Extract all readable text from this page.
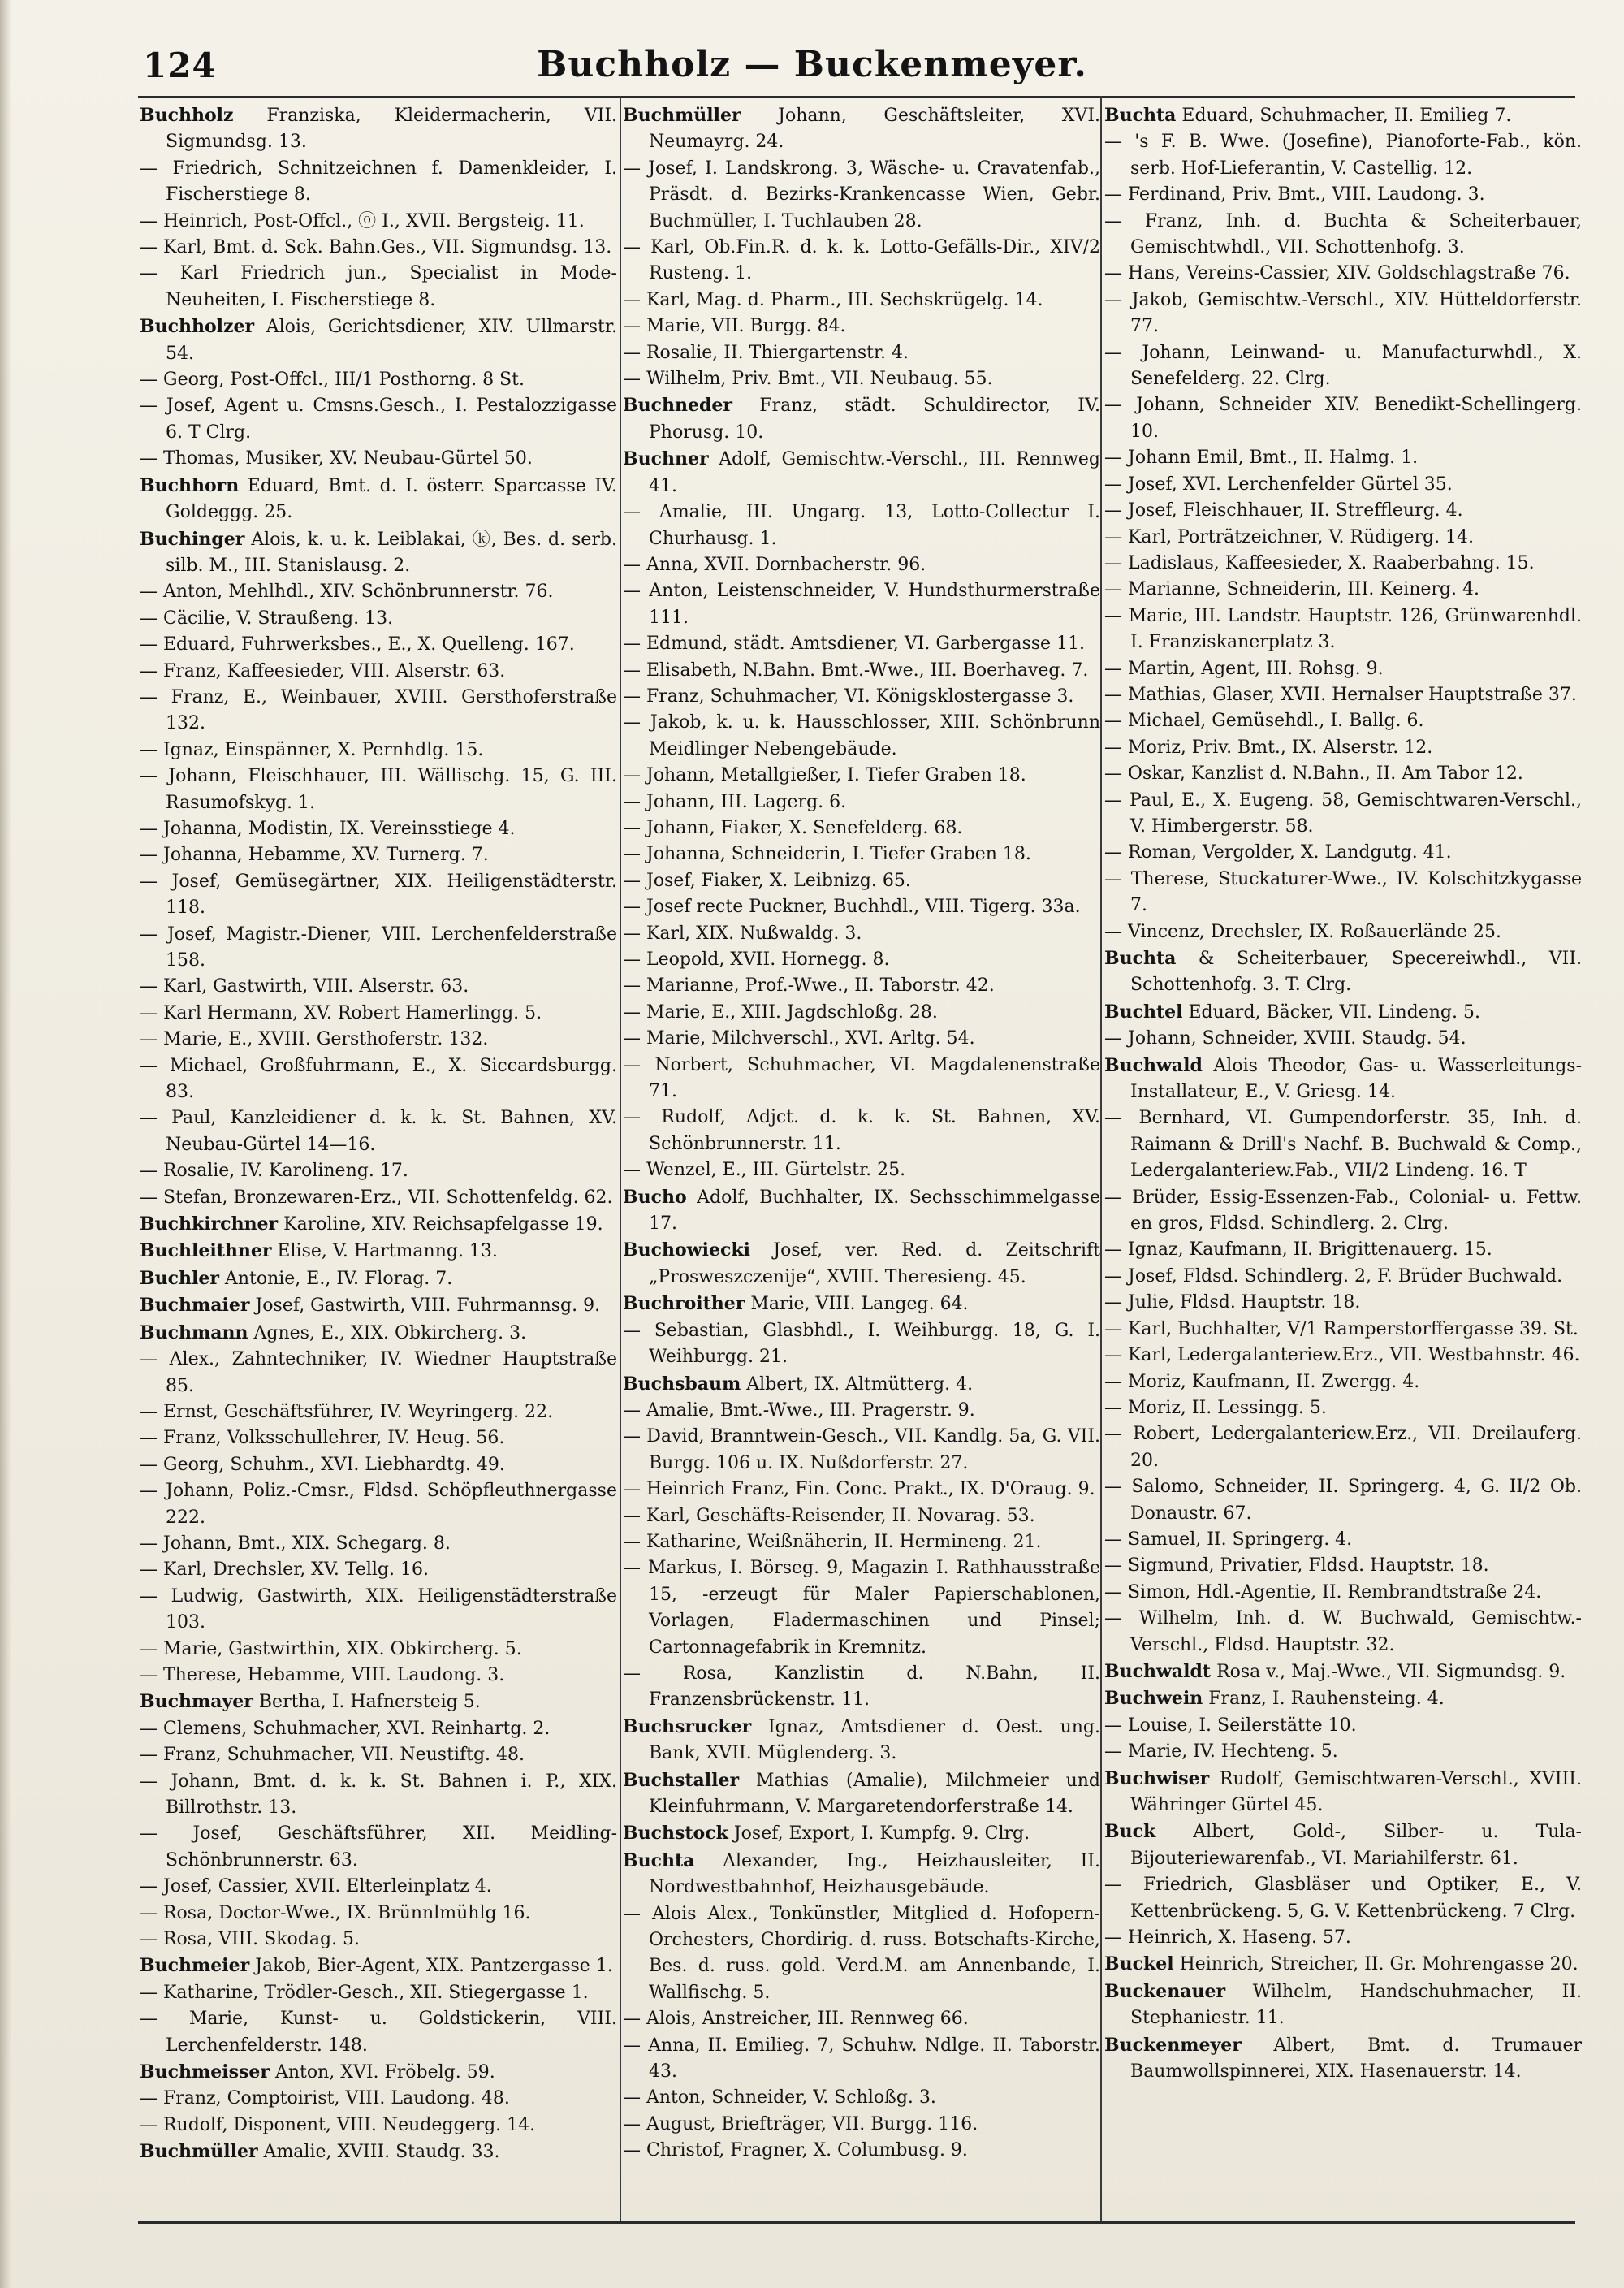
124	Buchholz — Buckenmeyer.

Buchholz Franziska, Kleidermacherin, VII. Sigmundsg. 13.

— Friedrich, Schnitzeichnen f. Damenkleider, I. Fischerstiege 8.

— Heinrich, Post-Offcl., ⓞ I., XVII. Bergsteig. 11.

— Karl, Bmt. d. Sck. Bahn.Ges., VII. Sigmundsg. 13.

— Karl Friedrich jun., Specialist in Mode-Neuheiten, I. Fischerstiege 8.

Buchholzer Alois, Gerichtsdiener, XIV. Ullmarstr. 54.

— Georg, Post-Offcl., III/1 Posthorng. 8 St.

— Josef, Agent u. Cmsns.Gesch., I. Pestalozzigasse 6. T Clrg.

— Thomas, Musiker, XV. Neubau-Gürtel 50.

Buchhorn Eduard, Bmt. d. I. österr. Sparcasse IV. Goldeggg. 25.

Buchinger Alois, k. u. k. Leiblakai, ⓚ, Bes. d. serb. silb. M., III. Stanislausg. 2.

— Anton, Mehlhdl., XIV. Schönbrunnerstr. 76.

— Cäcilie, V. Straußeng. 13.

— Eduard, Fuhrwerksbes., E., X. Quelleng. 167.

— Franz, Kaffeesieder, VIII. Alserstr. 63.

— Franz, E., Weinbauer, XVIII. Gersthoferstraße 132.

— Ignaz, Einspänner, X. Pernhdlg. 15.

— Johann, Fleischhauer, III. Wällischg. 15, G. III. Rasumofskyg. 1.

— Johanna, Modistin, IX. Vereinsstiege 4.

— Johanna, Hebamme, XV. Turnerg. 7.

— Josef, Gemüsegärtner, XIX. Heiligenstädterstr. 118.

— Josef, Magistr.-Diener, VIII. Lerchenfelderstraße 158.

— Karl, Gastwirth, VIII. Alserstr. 63.

— Karl Hermann, XV. Robert Hamerlingg. 5.

— Marie, E., XVIII. Gersthoferstr. 132.

— Michael, Großfuhrmann, E., X. Siccardsburgg. 83.

— Paul, Kanzleidiener d. k. k. St. Bahnen, XV. Neubau-Gürtel 14—16.

— Rosalie, IV. Karolineng. 17.

— Stefan, Bronzewaren-Erz., VII. Schottenfeldg. 62.

Buchkirchner Karoline, XIV. Reichsapfelgasse 19.

Buchleithner Elise, V. Hartmanng. 13.

Buchler Antonie, E., IV. Florag. 7.

Buchmaier Josef, Gastwirth, VIII. Fuhrmannsg. 9.

Buchmann Agnes, E., XIX. Obkircherg. 3.

— Alex., Zahntechniker, IV. Wiedner Hauptstraße 85.

— Ernst, Geschäftsführer, IV. Weyringerg. 22.

— Franz, Volksschullehrer, IV. Heug. 56.

— Georg, Schuhm., XVI. Liebhardtg. 49.

— Johann, Poliz.-Cmsr., Fldsd. Schöpfleuthnergasse 222.

— Johann, Bmt., XIX. Schegarg. 8.

— Karl, Drechsler, XV. Tellg. 16.

— Ludwig, Gastwirth, XIX. Heiligenstädterstraße 103.

— Marie, Gastwirthin, XIX. Obkircherg. 5.

— Therese, Hebamme, VIII. Laudong. 3.

Buchmayer Bertha, I. Hafnersteig 5.

— Clemens, Schuhmacher, XVI. Reinhartg. 2.

— Franz, Schuhmacher, VII. Neustiftg. 48.

— Johann, Bmt. d. k. k. St. Bahnen i. P., XIX. Billrothstr. 13.

— Josef, Geschäftsführer, XII. Meidling-Schönbrunnerstr. 63.

— Josef, Cassier, XVII. Elterleinplatz 4.

— Rosa, Doctor-Wwe., IX. Brünnlmühlg 16.

— Rosa, VIII. Skodag. 5.

Buchmeier Jakob, Bier-Agent, XIX. Pantzergasse 1.

— Katharine, Trödler-Gesch., XII. Stiegergasse 1.

— Marie, Kunst- u. Goldstickerin, VIII. Lerchenfelderstr. 148.

Buchmeisser Anton, XVI. Fröbelg. 59.

— Franz, Comptoirist, VIII. Laudong. 48.

— Rudolf, Disponent, VIII. Neudeggerg. 14.

Buchmüller Amalie, XVIII. Staudg. 33.

Buchmüller Johann, Geschäftsleiter, XVI. Neumayrg. 24.

— Josef, I. Landskrong. 3, Wäsche- u. Cravatenfab., Präsdt. d. Bezirks-Krankencasse Wien, Gebr. Buchmüller, I. Tuchlauben 28.

— Karl, Ob.Fin.R. d. k. k. Lotto-Gefälls-Dir., XIV/2 Rusteng. 1.

— Karl, Mag. d. Pharm., III. Sechskrügelg. 14.

— Marie, VII. Burgg. 84.

— Rosalie, II. Thiergartenstr. 4.

— Wilhelm, Priv. Bmt., VII. Neubaug. 55.

Buchneder Franz, städt. Schuldirector, IV. Phorusg. 10.

Buchner Adolf, Gemischtw.-Verschl., III. Rennweg 41.

— Amalie, III. Ungarg. 13, Lotto-Collectur I. Churhausg. 1.

— Anna, XVII. Dornbacherstr. 96.

— Anton, Leistenschneider, V. Hundsthurmerstraße 111.

— Edmund, städt. Amtsdiener, VI. Garbergasse 11.

— Elisabeth, N.Bahn. Bmt.-Wwe., III. Boerhaveg. 7.

— Franz, Schuhmacher, VI. Königsklostergasse 3.

— Jakob, k. u. k. Hausschlosser, XIII. Schönbrunn Meidlinger Nebengebäude.

— Johann, Metallgießer, I. Tiefer Graben 18.

— Johann, III. Lagerg. 6.

— Johann, Fiaker, X. Senefelderg. 68.

— Johanna, Schneiderin, I. Tiefer Graben 18.

— Josef, Fiaker, X. Leibnizg. 65.

— Josef recte Puckner, Buchhdl., VIII. Tigerg. 33a.

— Karl, XIX. Nußwaldg. 3.

— Leopold, XVII. Hornegg. 8.

— Marianne, Prof.-Wwe., II. Taborstr. 42.

— Marie, E., XIII. Jagdschloßg. 28.

— Marie, Milchverschl., XVI. Arltg. 54.

— Norbert, Schuhmacher, VI. Magdalenenstraße 71.

— Rudolf, Adjct. d. k. k. St. Bahnen, XV. Schönbrunnerstr. 11.

— Wenzel, E., III. Gürtelstr. 25.

Bucho Adolf, Buchhalter, IX. Sechsschimmelgasse 17.

Buchowiecki Josef, ver. Red. d. Zeitschrift „Prosweszczenije“, XVIII. Theresieng. 45.

Buchroither Marie, VIII. Langeg. 64.

— Sebastian, Glasbhdl., I. Weihburgg. 18, G. I. Weihburgg. 21.

Buchsbaum Albert, IX. Altmütterg. 4.

— Amalie, Bmt.-Wwe., III. Pragerstr. 9.

— David, Branntwein-Gesch., VII. Kandlg. 5a, G. VII. Burgg. 106 u. IX. Nußdorferstr. 27.

— Heinrich Franz, Fin. Conc. Prakt., IX. D'Oraug. 9.

— Karl, Geschäfts-Reisender, II. Novarag. 53.

— Katharine, Weißnäherin, II. Hermineng. 21.

— Markus, I. Börseg. 9, Magazin I. Rathhausstraße 15, -erzeugt für Maler Papierschablonen, Vorlagen, Fladermaschinen und Pinsel; Cartonnagefabrik in Kremnitz.

— Rosa, Kanzlistin d. N.Bahn, II. Franzensbrückenstr. 11.

Buchsrucker Ignaz, Amtsdiener d. Oest. ung. Bank, XVII. Müglenderg. 3.

Buchstaller Mathias (Amalie), Milchmeier und Kleinfuhrmann, V. Margaretendorferstraße 14.

Buchstock Josef, Export, I. Kumpfg. 9. Clrg.

Buchta Alexander, Ing., Heizhausleiter, II. Nordwestbahnhof, Heizhausgebäude.

— Alois Alex., Tonkünstler, Mitglied d. Hofopern-Orchesters, Chordirig. d. russ. Botschafts-Kirche, Bes. d. russ. gold. Verd.M. am Annenbande, I. Wallfischg. 5.

— Alois, Anstreicher, III. Rennweg 66.

— Anna, II. Emilieg. 7, Schuhw. Ndlge. II. Taborstr. 43.

— Anton, Schneider, V. Schloßg. 3.

— August, Briefträger, VII. Burgg. 116.

— Christof, Fragner, X. Columbusg. 9.

Buchta Eduard, Schuhmacher, II. Emilieg 7.

— 's F. B. Wwe. (Josefine), Pianoforte-Fab., kön. serb. Hof-Lieferantin, V. Castellig. 12.

— Ferdinand, Priv. Bmt., VIII. Laudong. 3.

— Franz, Inh. d. Buchta & Scheiterbauer, Gemischtwhdl., VII. Schottenhofg. 3.

— Hans, Vereins-Cassier, XIV. Goldschlagstraße 76.

— Jakob, Gemischtw.-Verschl., XIV. Hütteldorferstr. 77.

— Johann, Leinwand- u. Manufacturwhdl., X. Senefelderg. 22. Clrg.

— Johann, Schneider XIV. Benedikt-Schellingerg. 10.

— Johann Emil, Bmt., II. Halmg. 1.

— Josef, XVI. Lerchenfelder Gürtel 35.

— Josef, Fleischhauer, II. Streffleurg. 4.

— Karl, Porträtzeichner, V. Rüdigerg. 14.

— Ladislaus, Kaffeesieder, X. Raaberbahng. 15.

— Marianne, Schneiderin, III. Keinerg. 4.

— Marie, III. Landstr. Hauptstr. 126, Grünwarenhdl. I. Franziskanerplatz 3.

— Martin, Agent, III. Rohsg. 9.

— Mathias, Glaser, XVII. Hernalser Hauptstraße 37.

— Michael, Gemüsehdl., I. Ballg. 6.

— Moriz, Priv. Bmt., IX. Alserstr. 12.

— Oskar, Kanzlist d. N.Bahn., II. Am Tabor 12.

— Paul, E., X. Eugeng. 58, Gemischtwaren-Verschl., V. Himbergerstr. 58.

— Roman, Vergolder, X. Landgutg. 41.

— Therese, Stuckaturer-Wwe., IV. Kolschitzkygasse 7.

— Vincenz, Drechsler, IX. Roßauerlände 25.

Buchta & Scheiterbauer, Specereiwhdl., VII. Schottenhofg. 3. T. Clrg.

Buchtel Eduard, Bäcker, VII. Lindeng. 5.

— Johann, Schneider, XVIII. Staudg. 54.

Buchwald Alois Theodor, Gas- u. Wasserleitungs-Installateur, E., V. Griesg. 14.

— Bernhard, VI. Gumpendorferstr. 35, Inh. d. Raimann & Drill's Nachf. B. Buchwald & Comp., Ledergalanteriew.Fab., VII/2 Lindeng. 16. T

— Brüder, Essig-Essenzen-Fab., Colonial- u. Fettw. en gros, Fldsd. Schindlerg. 2. Clrg.

— Ignaz, Kaufmann, II. Brigittenauerg. 15.

— Josef, Fldsd. Schindlerg. 2, F. Brüder Buchwald.

— Julie, Fldsd. Hauptstr. 18.

— Karl, Buchhalter, V/1 Ramperstorffergasse 39. St.

— Karl, Ledergalanteriew.Erz., VII. Westbahnstr. 46.

— Moriz, Kaufmann, II. Zwergg. 4.

— Moriz, II. Lessingg. 5.

— Robert, Ledergalanteriew.Erz., VII. Dreilauferg. 20.

— Salomo, Schneider, II. Springerg. 4, G. II/2 Ob. Donaustr. 67.

— Samuel, II. Springerg. 4.

— Sigmund, Privatier, Fldsd. Hauptstr. 18.

— Simon, Hdl.-Agentie, II. Rembrandtstraße 24.

— Wilhelm, Inh. d. W. Buchwald, Gemischtw.-Verschl., Fldsd. Hauptstr. 32.

Buchwaldt Rosa v., Maj.-Wwe., VII. Sigmundsg. 9.

Buchwein Franz, I. Rauhensteing. 4.

— Louise, I. Seilerstätte 10.

— Marie, IV. Hechteng. 5.

Buchwiser Rudolf, Gemischtwaren-Verschl., XVIII. Währinger Gürtel 45.

Buck Albert, Gold-, Silber- u. Tula-Bijouteriewarenfab., VI. Mariahilferstr. 61.

— Friedrich, Glasbläser und Optiker, E., V. Kettenbrückeng. 5, G. V. Kettenbrückeng. 7 Clrg.

— Heinrich, X. Haseng. 57.

Buckel Heinrich, Streicher, II. Gr. Mohrengasse 20.

Buckenauer Wilhelm, Handschuhmacher, II. Stephaniestr. 11.

Buckenmeyer Albert, Bmt. d. Trumauer Baumwollspinnerei, XIX. Hasenauerstr. 14.
